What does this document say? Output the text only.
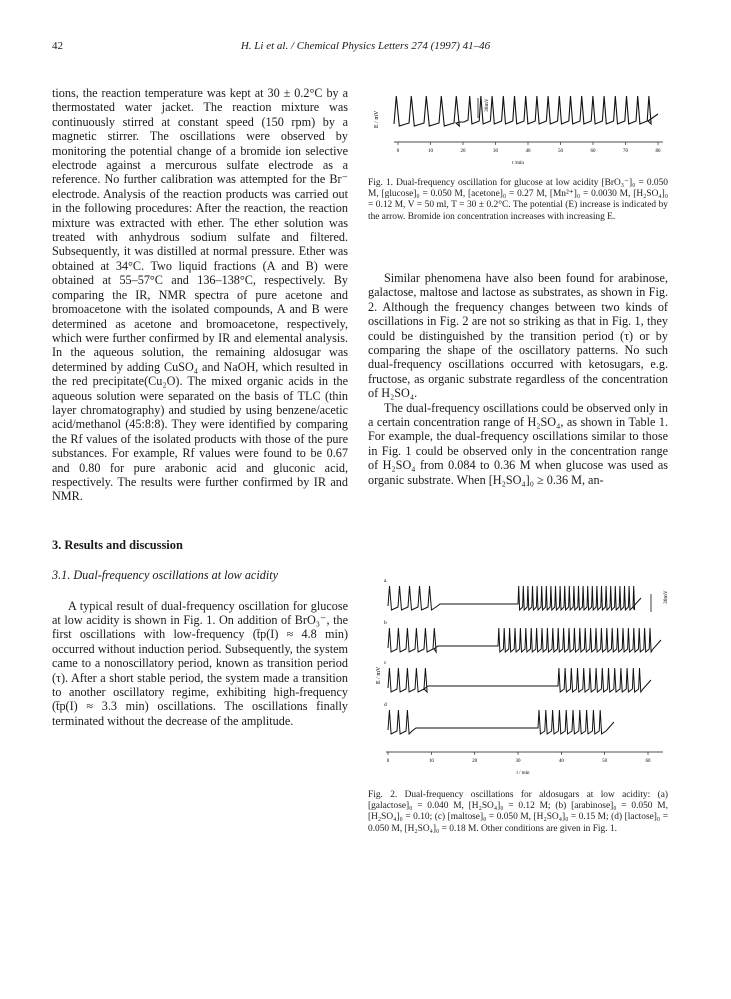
42	H. Li et al. / Chemical Physics Letters 274 (1997) 41–46

tions, the reaction temperature was kept at 30 ± 0.2°C by a thermostated water jacket. The reaction mixture was continuously stirred at constant speed (150 rpm) by a magnetic stirrer. The oscillations were observed by monitoring the potential change of a bromide ion selective electrode against a mercurous sulfate electrode as a reference. No further calibration was attempted for the Br⁻ electrode. Analysis of the reaction products was carried out in the following procedures: After the reaction, the reaction mixture was extracted with ether. The ether solution was treated with anhydrous sodium sulfate and filtered. Subsequently, it was distilled at normal pressure. Ether was obtained at 34°C. Two liquid fractions (A and B) were obtained at 55–57°C and 136–138°C, respectively. By comparing the IR, NMR spectra of pure acetone and bromoacetone with the isolated compounds, A and B were determined as acetone and bromoacetone, respectively, which were further confirmed by IR and elemental analysis. In the aqueous solution, the remaining aldosugar was determined by adding CuSO₄ and NaOH, which resulted in the red precipitate(Cu₂O). The mixed organic acids in the aqueous solution were separated on the basis of TLC (thin layer chromatography) and studied by using benzene/acetic acid/methanol (45:8:8). They were identified by comparing the Rf values of the isolated products with those of the pure substances. For example, Rf values were found to be 0.67 and 0.80 for pure arabonic acid and gluconic acid, respectively. The results were further confirmed by IR and NMR.

3. Results and discussion
3.1. Dual-frequency oscillations at low acidity

A typical result of dual-frequency oscillation for glucose at low acidity is shown in Fig. 1. On addition of BrO₃⁻, the first oscillations with low-frequency (t̄p(I) ≈ 4.8 min) occurred without induction period. Subsequently, the system came to a nonoscillatory period, known as transition period (τ). After a short stable period, the system made a transition to another oscillatory regime, exhibiting high-frequency (t̄p(I) ≈ 3.3 min) oscillations. The oscillations finally terminated without the decrease of the amplitude.

E / mV
30mV
0	10	20	30	40	50	60	70	80
t /min
Fig. 1. Dual-frequency oscillation for glucose at low acidity [BrO₃⁻]₀ = 0.050 M, [glucose]₀ = 0.050 M, [acetone]₀ = 0.27 M, [Mn²⁺]₀ = 0.0030 M, [H₂SO₄]₀ = 0.12 M, V = 50 ml, T = 30 ± 0.2°C. The potential (E) increase is indicated by the arrow. Bromide ion concentration increases with increasing E.

Similar phenomena have also been found for arabinose, galactose, maltose and lactose as substrates, as shown in Fig. 2. Although the frequency changes between two kinds of oscillations in Fig. 2 are not so striking as that in Fig. 1, they could be distinguished by the transition period (τ) or by comparing the shape of the oscillatory patterns. No such dual-frequency oscillations occurred with ketosugars, e.g. fructose, as organic substrate regardless of the concentration of H₂SO₄.

The dual-frequency oscillations could be observed only in a certain concentration range of H₂SO₄, as shown in Table 1. For example, the dual-frequency oscillations similar to those in Fig. 1 could be observed only in the concentration range of H₂SO₄ from 0.084 to 0.36 M when glucose was used as organic substrate. When [H₂SO₄]₀ ≥ 0.36 M, an-

E / mV
a
b
c
d
30mV
0	10	20	30	40	50	60
t / min
Fig. 2. Dual-frequency oscillations for aldosugars at low acidity: (a) [galactose]₀ = 0.040 M, [H₂SO₄]₀ = 0.12 M; (b) [arabinose]₀ = 0.050 M, [H₂SO₄]₀ = 0.10; (c) [maltose]₀ = 0.050 M, [H₂SO₄]₀ = 0.15 M; (d) [lactose]₀ = 0.050 M, [H₂SO₄]₀ = 0.18 M. Other conditions are given in Fig. 1.
